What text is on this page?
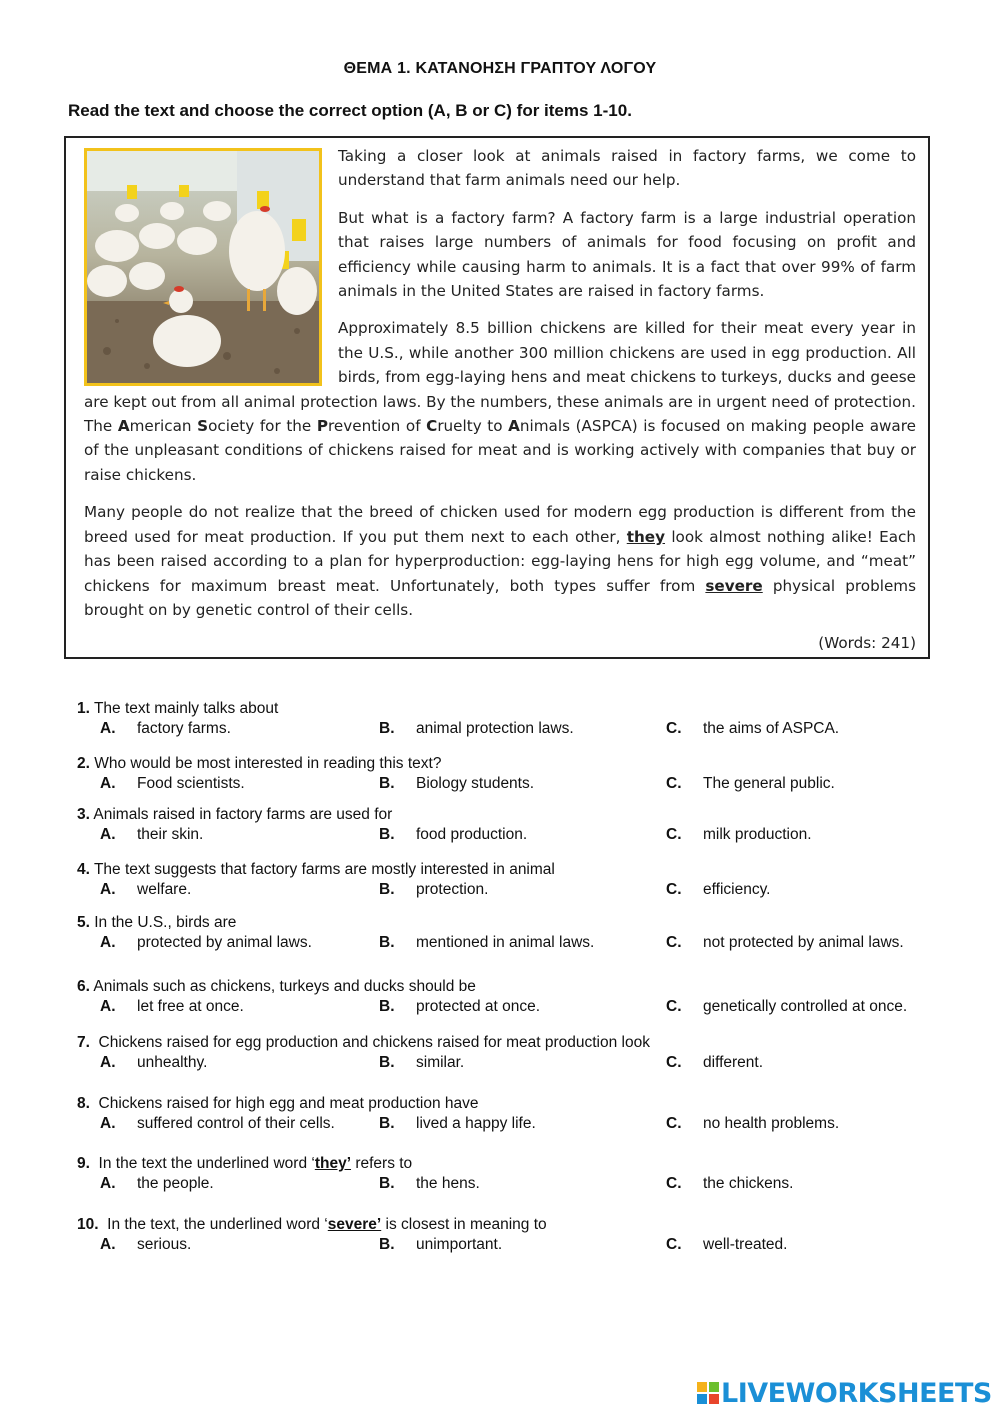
ΘΕΜΑ 1. ΚΑΤΑΝΟΗΣΗ ΓΡΑΠΤΟΥ ΛΟΓΟΥ
Read the text and choose the correct option (A, B or C) for items 1-10.

Taking a closer look at animals raised in factory farms, we come to understand that farm animals need our help.

But what is a factory farm? A factory farm is a large industrial operation that raises large numbers of animals for food focusing on profit and efficiency while causing harm to animals. It is a fact that over 99% of farm animals in the United States are raised in factory farms.

Approximately 8.5 billion chickens are killed for their meat every year in the U.S., while another 300 million chickens are used in egg production. All birds, from egg-laying hens and meat chickens to turkeys, ducks and geese are kept out from all animal protection laws. By the numbers, these animals are in urgent need of protection. The American Society for the Prevention of Cruelty to Animals (ASPCA) is focused on making people aware of the unpleasant conditions of chickens raised for meat and is working actively with companies that buy or raise chickens.

Many people do not realize that the breed of chicken used for modern egg production is different from the breed used for meat production. If you put them next to each other, they look almost nothing alike! Each has been raised according to a plan for hyperproduction: egg-laying hens for high egg volume, and “meat” chickens for maximum breast meat. Unfortunately, both types suffer from severe physical problems brought on by genetic control of their cells.

(Words: 241)
1. The text mainly talks about
A. factory farms.	B. animal protection laws.	C. the aims of ASPCA.
2. Who would be most interested in reading this text?
A. Food scientists.	B. Biology students.	C. The general public.
3. Animals raised in factory farms are used for
A. their skin.	B. food production.	C. milk production.
4. The text suggests that factory farms are mostly interested in animal
A. welfare.	B. protection.	C. efficiency.
5. In the U.S., birds are
A. protected by animal laws.	B. mentioned in animal laws.	C. not protected by animal laws.
6. Animals such as chickens, turkeys and ducks should be
A. let free at once.	B. protected at once.	C. genetically controlled at once.
7.  Chickens raised for egg production and chickens raised for meat production look
A. unhealthy.	B. similar.	C. different.
8.  Chickens raised for high egg and meat production have
A. suffered control of their cells.	B. lived a happy life.	C. no health problems.
9.  In the text the underlined word ‘they’ refers to
A. the people.	B. the hens.	C. the chickens.
10.  In the text, the underlined word ‘severe’ is closest in meaning to
A. serious.	B. unimportant.	C. well-treated.
LIVEWORKSHEETS
